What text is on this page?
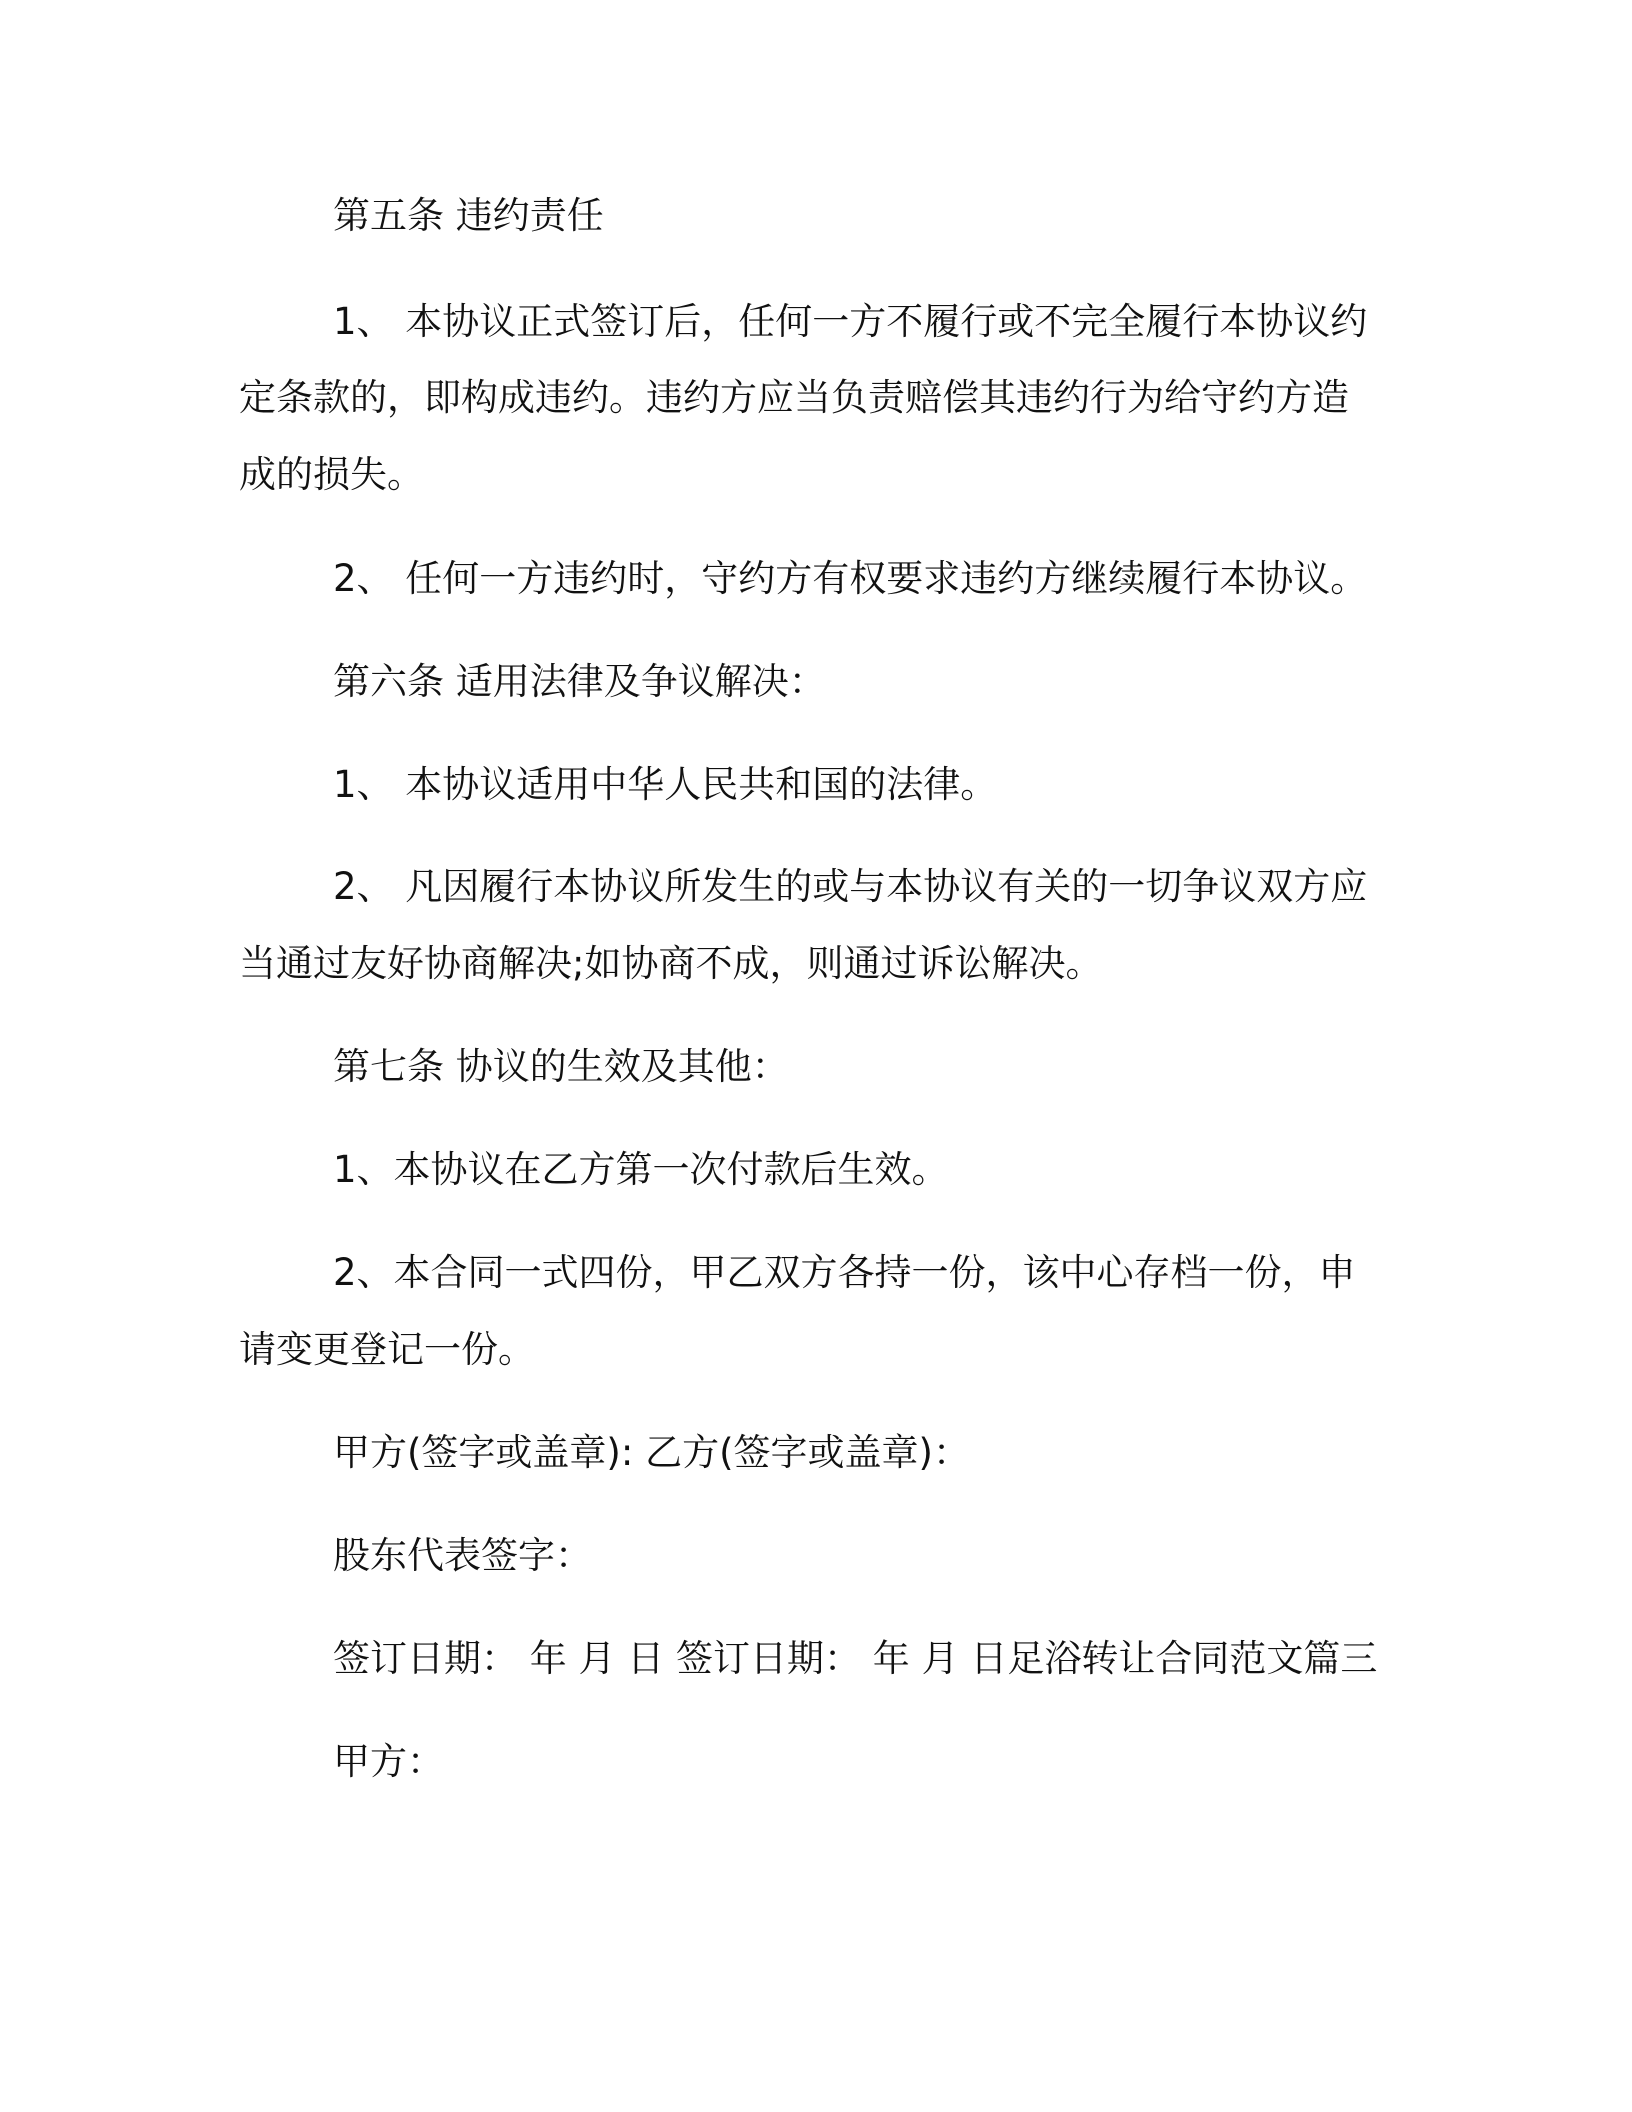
第五条 违约责任

1、 本协议正式签订后，任何一方不履行或不完全履行本协议约

定条款的，即构成违约。违约方应当负责赔偿其违约行为给守约方造

成的损失。

2、 任何一方违约时，守约方有权要求违约方继续履行本协议。

第六条 适用法律及争议解决：

1、 本协议适用中华人民共和国的法律。

2、 凡因履行本协议所发生的或与本协议有关的一切争议双方应

当通过友好协商解决;如协商不成，则通过诉讼解决。

第七条 协议的生效及其他：

1、本协议在乙方第一次付款后生效。

2、本合同一式四份，甲乙双方各持一份，该中心存档一份，申

请变更登记一份。

甲方(签字或盖章): 乙方(签字或盖章)：

股东代表签字：

签订日期： 年 月 日 签订日期： 年 月 日足浴转让合同范文篇三

甲方：
